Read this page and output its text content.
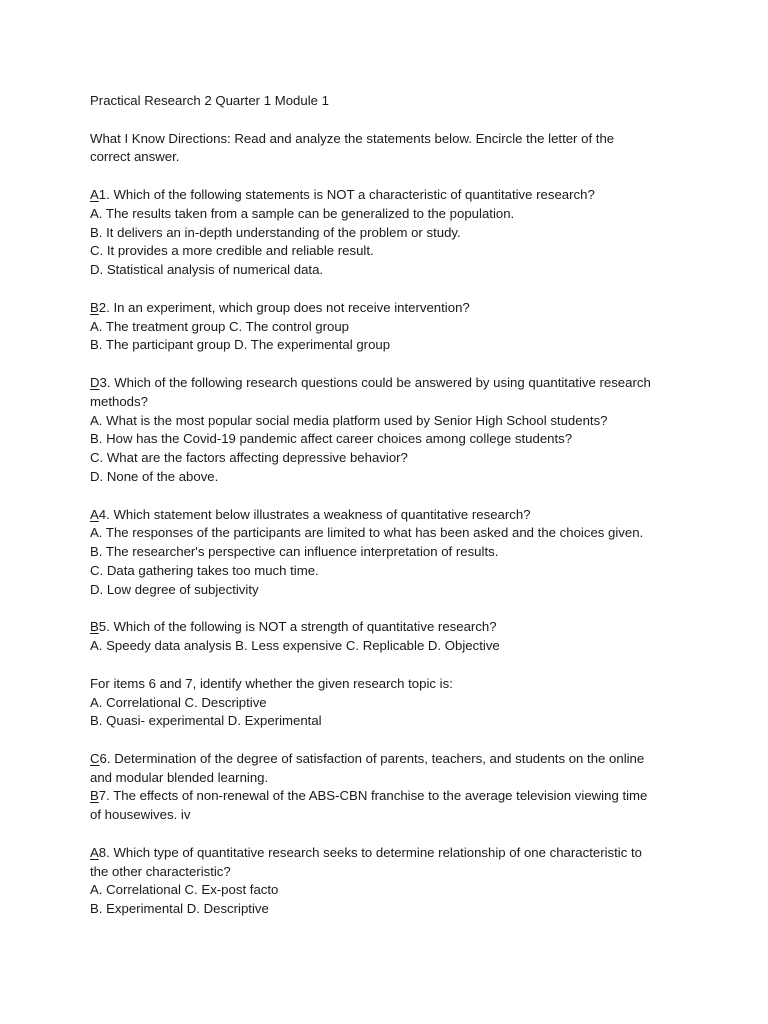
Practical Research 2 Quarter 1 Module 1
What I Know Directions: Read and analyze the statements below. Encircle the letter of the
correct answer.
A1. Which of the following statements is NOT a characteristic of quantitative research?
A. The results taken from a sample can be generalized to the population.
B. It delivers an in-depth understanding of the problem or study.
C. It provides a more credible and reliable result.
D. Statistical analysis of numerical data.
B2. In an experiment, which group does not receive intervention?
A. The treatment group C. The control group
B. The participant group D. The experimental group
D3. Which of the following research questions could be answered by using quantitative research
methods?
A. What is the most popular social media platform used by Senior High School students?
B. How has the Covid-19 pandemic affect career choices among college students?
C. What are the factors affecting depressive behavior?
D. None of the above.
A4. Which statement below illustrates a weakness of quantitative research?
A. The responses of the participants are limited to what has been asked and the choices given.
B. The researcher's perspective can influence interpretation of results.
C. Data gathering takes too much time.
D. Low degree of subjectivity
B5. Which of the following is NOT a strength of quantitative research?
A. Speedy data analysis B. Less expensive C. Replicable D. Objective
For items 6 and 7, identify whether the given research topic is:
A. Correlational C. Descriptive
B. Quasi- experimental D. Experimental
C6. Determination of the degree of satisfaction of parents, teachers, and students on the online
and modular blended learning.
B7. The effects of non-renewal of the ABS-CBN franchise to the average television viewing time
of housewives. iv
A8. Which type of quantitative research seeks to determine relationship of one characteristic to
the other characteristic?
A. Correlational C. Ex-post facto
B. Experimental D. Descriptive
